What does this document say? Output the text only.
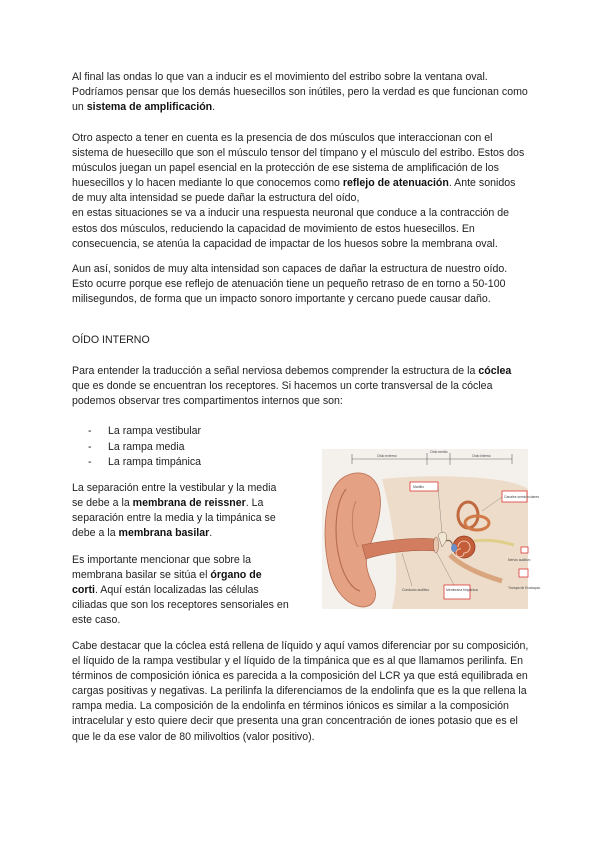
Al final las ondas lo que van a inducir es el movimiento del estribo sobre la ventana oval. Podríamos pensar que los demás huesecillos son inútiles, pero la verdad es que funcionan como un sistema de amplificación.

Otro aspecto a tener en cuenta es la presencia de dos músculos que interaccionan con el sistema de huesecillo que son el músculo tensor del tímpano y el músculo del estribo. Estos dos músculos juegan un papel esencial en la protección de ese sistema de amplificación de los huesecillos y lo hacen mediante lo que conocemos como reflejo de atenuación. Ante sonidos de muy alta intensidad se puede dañar la estructura del oído,
en estas situaciones se va a inducir una respuesta neuronal que conduce a la contracción de estos dos músculos, reduciendo la capacidad de movimiento de estos huesecillos. En consecuencia, se atenúa la capacidad de impactar de los huesos sobre la membrana oval.

Aun así, sonidos de muy alta intensidad son capaces de dañar la estructura de nuestro oído. Esto ocurre porque ese reflejo de atenuación tiene un pequeño retraso de en torno a 50-100 milisegundos, de forma que un impacto sonoro importante y cercano puede causar daño.

OÍDO INTERNO

Para entender la traducción a señal nerviosa debemos comprender la estructura de la cóclea que es donde se encuentran los receptores. Si hacemos un corte transversal de la cóclea podemos observar tres compartimentos internos que son:

- La rampa vestibular
- La rampa media
- La rampa timpánica

La separación entre la vestibular y la media se debe a la membrana de reissner. La separación entre la media y la timpánica se debe a la membrana basilar.

Es importante mencionar que sobre la membrana basilar se sitúa el órgano de corti. Aquí están localizadas las células ciliadas que son los receptores sensoriales en este caso.

Cabe destacar que la cóclea está rellena de líquido y aquí vamos diferenciar por su composición, el líquido de la rampa vestibular y el líquido de la timpánica que es al que llamamos perilinfa. En términos de composición iónica es parecida a la composición del LCR ya que está equilibrada en cargas positivas y negativas. La perilinfa la diferenciamos de la endolinfa que es la que rellena la rampa media. La composición de la endolinfa en términos iónicos es similar a la composición intracelular y esto quiere decir que presenta una gran concentración de iones potasio que es el que le da ese valor de 80 milivoltios (valor positivo).

Oído externo
Oído medio
Oído interno
Martillo
Canales semicirculares
Membrana timpánica
Conducto auditivo
Nervio auditivo
Trompa de Eustaquio
